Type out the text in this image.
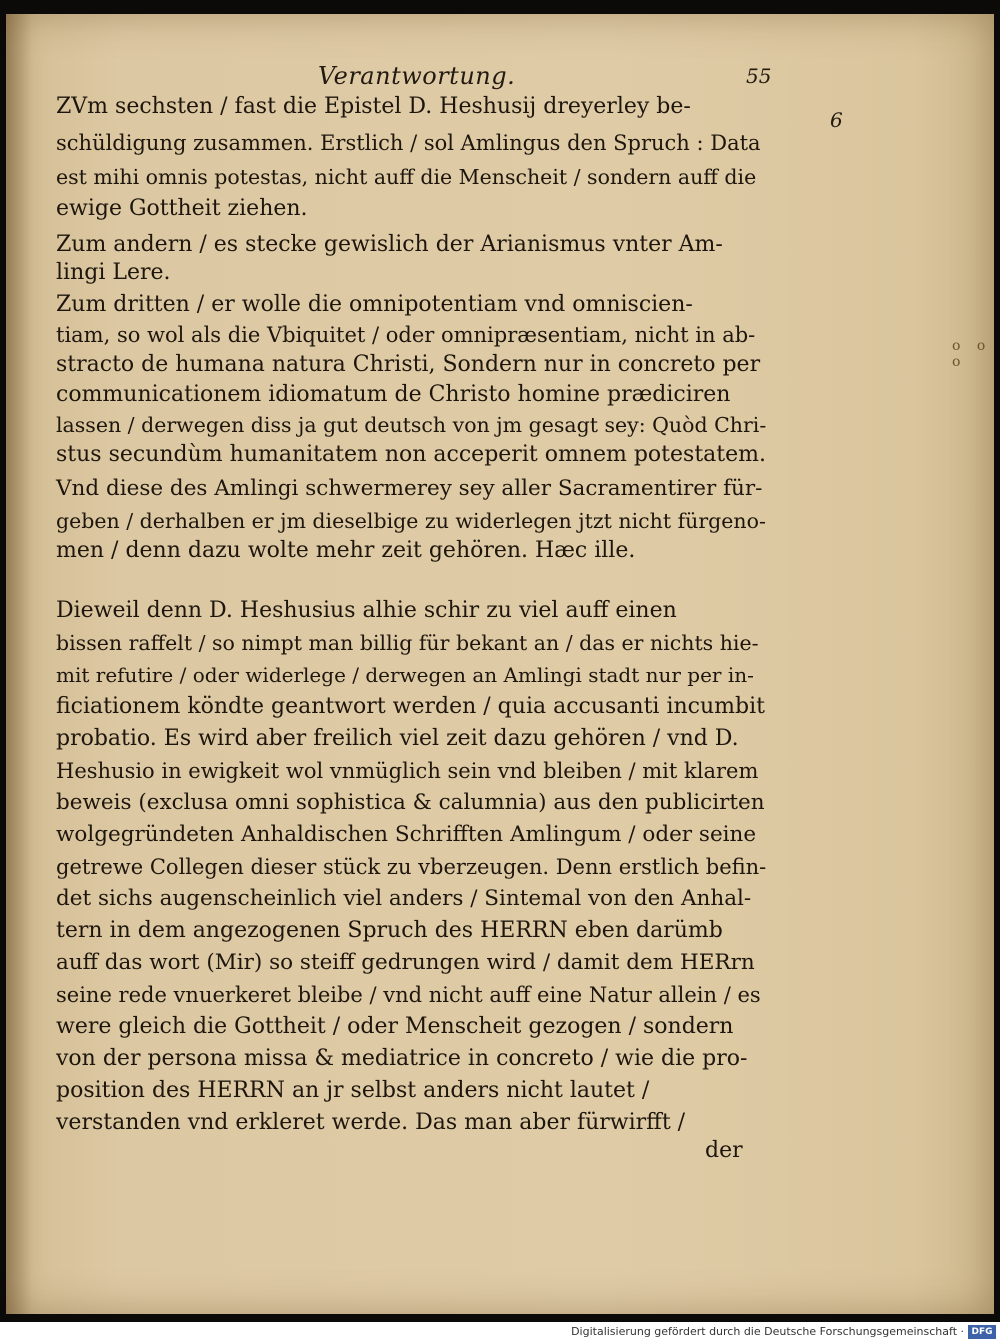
Verantwortung.	55
6
o o o
ZVm sechsten / fast die Epistel D. Heshusij dreyerley be-
schüldigung zusammen. Erstlich / sol Amlingus den Spruch : Data
est mihi omnis potestas, nicht auff die Menscheit / sondern auff die
ewige Gottheit ziehen.
Zum andern / es stecke gewislich der Arianismus vnter Am-
lingi Lere.
Zum dritten / er wolle die omnipotentiam vnd omniscien-
tiam, so wol als die Vbiquitet / oder omnipræsentiam, nicht in ab-
stracto de humana natura Christi, Sondern nur in concreto per
communicationem idiomatum de Christo homine prædiciren
lassen / derwegen diss ja gut deutsch von jm gesagt sey: Quòd Chri-
stus secundùm humanitatem non acceperit omnem potestatem.
Vnd diese des Amlingi schwermerey sey aller Sacramentirer für-
geben / derhalben er jm dieselbige zu widerlegen jtzt nicht fürgeno-
men / denn dazu wolte mehr zeit gehören. Hæc ille.
Dieweil denn D. Heshusius alhie schir zu viel auff einen
bissen raffelt / so nimpt man billig für bekant an / das er nichts hie-
mit refutire / oder widerlege / derwegen an Amlingi stadt nur per in-
ficiationem köndte geantwort werden / quia accusanti incumbit
probatio. Es wird aber freilich viel zeit dazu gehören / vnd D.
Heshusio in ewigkeit wol vnmüglich sein vnd bleiben / mit klarem
beweis (exclusa omni sophistica & calumnia) aus den publicirten
wolgegründeten Anhaldischen Schrifften Amlingum / oder seine
getrewe Collegen dieser stück zu vberzeugen. Denn erstlich befin-
det sichs augenscheinlich viel anders / Sintemal von den Anhal-
tern in dem angezogenen Spruch des HERRN eben darümb
auff das wort (Mir) so steiff gedrungen wird / damit dem HERrn
seine rede vnuerkeret bleibe / vnd nicht auff eine Natur allein / es
were gleich die Gottheit / oder Menscheit gezogen / sondern
von der persona missa & mediatrice in concreto / wie die pro-
position des HERRN an jr selbst anders nicht lautet /
verstanden vnd erkleret werde. Das man aber fürwirfft /
der
Digitalisierung gefördert durch die Deutsche Forschungsgemeinschaft · DFG
